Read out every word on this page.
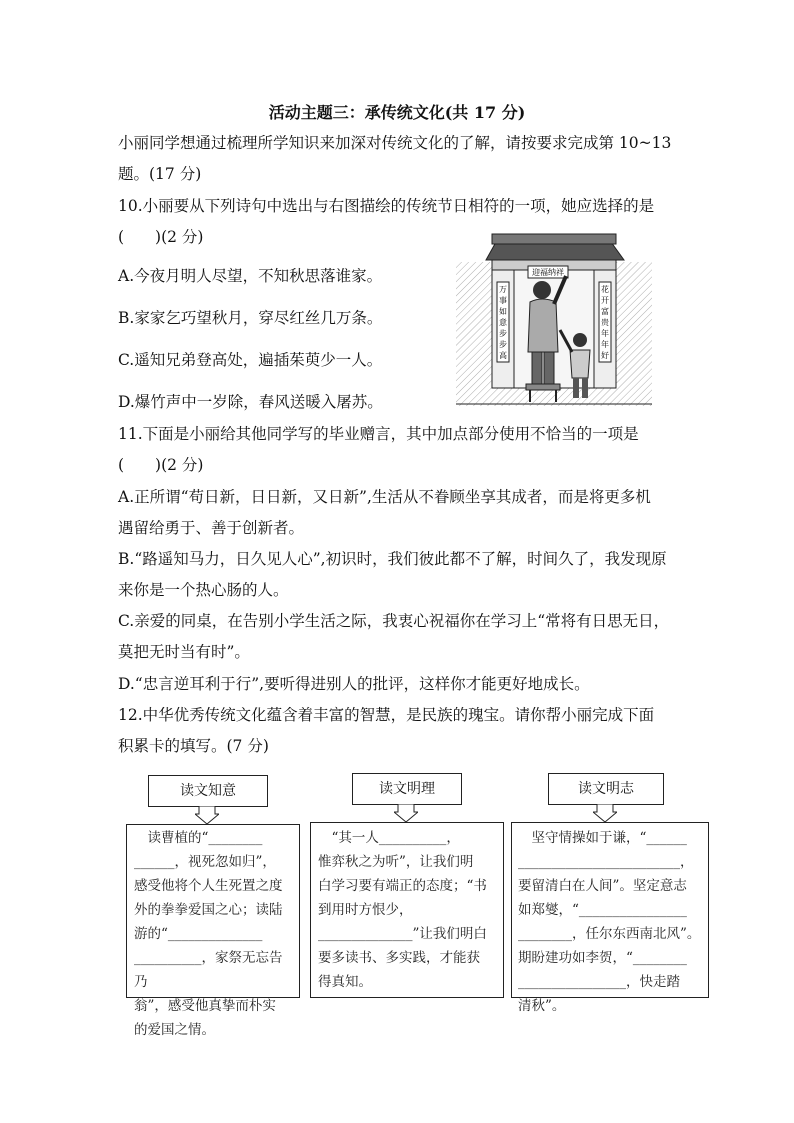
活动主题三：承传统文化(共 17 分)
小丽同学想通过梳理所学知识来加深对传统文化的了解，请按要求完成第 10~13
题。(17 分)
10.小丽要从下列诗句中选出与右图描绘的传统节日相符的一项，她应选择的是
(　　)(2 分)
A.今夜月明人尽望，不知秋思落谁家。
B.家家乞巧望秋月，穿尽红丝几万条。
C.遥知兄弟登高处，遍插茱萸少一人。
D.爆竹声中一岁除，春风送暖入屠苏。
迎福纳祥
万
事
如
意
步
步
高
花
开
富
贵
年
年
好
11.下面是小丽给其他同学写的毕业赠言，其中加点部分使用不恰当的一项是
(　　)(2 分)
A.正所谓“苟日新，日日新，又日新”,生活从不眷顾坐享其成者，而是将更多机
遇留给勇于、善于创新者。
B.“路遥知马力，日久见人心”,初识时，我们彼此都不了解，时间久了，我发现原
来你是一个热心肠的人。
C.亲爱的同桌，在告别小学生活之际，我衷心祝福你在学习上“常将有日思无日，
莫把无时当有时”。
D.“忠言逆耳利于行”,要听得进别人的批评，这样你才能更好地成长。
12.中华优秀传统文化蕴含着丰富的智慧，是民族的瑰宝。请你帮小丽完成下面
积累卡的填写。(7 分)
读文知意
　读曹植的“________
______，视死忽如归”，
感受他将个人生死置之度
外的拳拳爱国之心；读陆
游的“______________
__________，家祭无忘告乃
翁”，感受他真挚而朴实
的爱国之情。
读文明理
　“其一人__________，
惟弈秋之为听”，让我们明
白学习要有端正的态度；“书
到用时方恨少，
______________”让我们明白
要多读书、多实践，才能获
得真知。
读文明志
　坚守情操如于谦，“______
________________________，
要留清白在人间”。坚定意志
如郑燮，“________________
________，任尔东西南北风”。
期盼建功如李贺，“________
________________，快走踏
清秋”。
